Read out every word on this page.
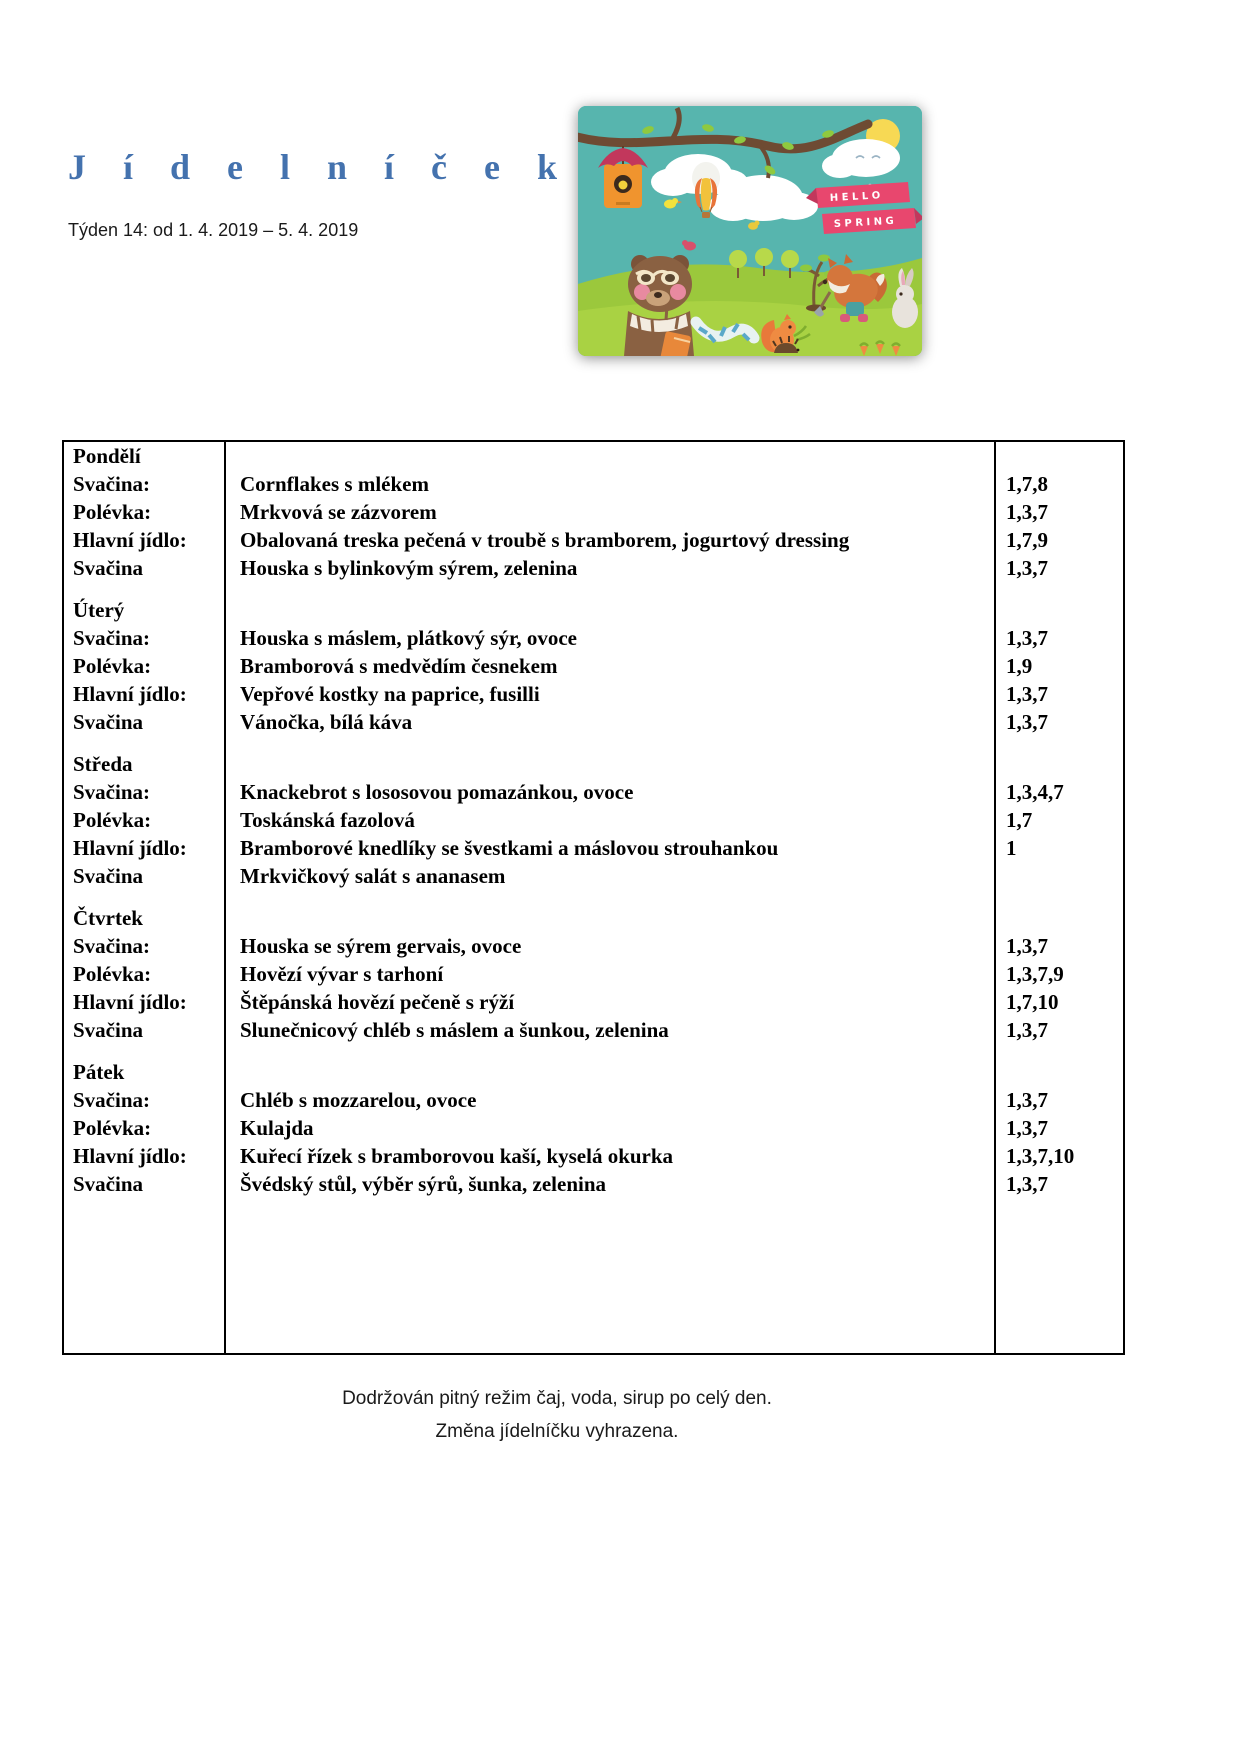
J í d e l n í č e k
Týden 14: od 1. 4. 2019 – 5. 4. 2019
H E L L O
S P R I N G
Pondělí
Svačina:	Cornflakes s mlékem	1,7,8
Polévka:	Mrkvová se zázvorem	1,3,7
Hlavní jídlo:	Obalovaná treska pečená v troubě s bramborem, jogurtový dressing	1,7,9
Svačina	Houska s bylinkovým sýrem, zelenina	1,3,7
Úterý
Svačina:	Houska s máslem, plátkový sýr, ovoce	1,3,7
Polévka:	Bramborová s medvědím česnekem	1,9
Hlavní jídlo:	Vepřové kostky na paprice, fusilli	1,3,7
Svačina	Vánočka, bílá káva	1,3,7
Středa
Svačina:	Knackebrot s lososovou pomazánkou, ovoce	1,3,4,7
Polévka:	Toskánská fazolová	1,7
Hlavní jídlo:	Bramborové knedlíky se švestkami a máslovou strouhankou	1
Svačina	Mrkvičkový salát s ananasem
Čtvrtek
Svačina:	Houska se sýrem gervais, ovoce	1,3,7
Polévka:	Hovězí vývar s tarhoní	1,3,7,9
Hlavní jídlo:	Štěpánská hovězí pečeně s rýží	1,7,10
Svačina	Slunečnicový chléb s máslem a šunkou, zelenina	1,3,7
Pátek
Svačina:	Chléb s mozzarelou, ovoce	1,3,7
Polévka:	Kulajda	1,3,7
Hlavní jídlo:	Kuřecí řízek s bramborovou kaší, kyselá okurka	1,3,7,10
Svačina	Švédský stůl, výběr sýrů, šunka, zelenina	1,3,7
Dodržován pitný režim čaj, voda, sirup po celý den.
Změna jídelníčku vyhrazena.
